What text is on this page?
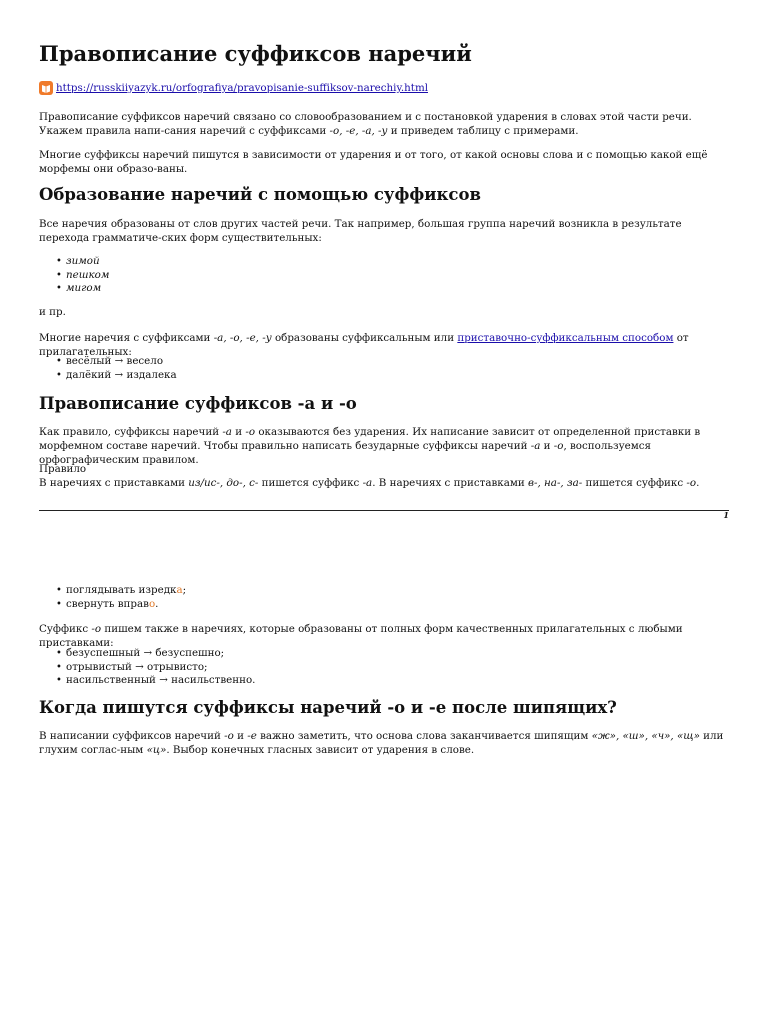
Правописание суффиксов наречий
https://russkiiyazyk.ru/orfografiya/pravopisanie-suffiksov-narechiy.html

Правописание суффиксов наречий связано со словообразованием и с постановкой ударения в словах этой части речи. Укажем правила напи-сания наречий с суффиксами -о, -е, -а, -у и приведем таблицу с примерами.

Многие суффиксы наречий пишутся в зависимости от ударения и от того, от какой основы слова и с помощью какой ещё морфемы они образо-ваны.

Образование наречий с помощью суффиксов

Все наречия образованы от слов других частей речи. Так например, большая группа наречий возникла в результате перехода грамматиче-ских форм существительных:

• зимой
• пешком
• мигом

и пр.

Многие наречия с суффиксами -а, -о, -е, -у образованы суффиксальным или приставочно-суффиксальным способом от прилагательных:

• весёлый → весело
• далёкий → издалека
Правописание суффиксов -а и -о

Как правило, суффиксы наречий -а и -о оказываются без ударения. Их написание зависит от определенной приставки в морфемном составе наречий. Чтобы правильно написать безударные суффиксы наречий -а и -о, воспользуемся орфографическим правилом.

Правило

В наречиях с приставками из/ис-, до-, с- пишется суффикс -а. В наречиях с приставками в-, на-, за- пишется суффикс -о.

1
• поглядывать изредка;
• свернуть вправо.

Суффикс -о пишем также в наречиях, которые образованы от полных форм качественных прилагательных с любыми приставками:

• безуспешный → безуспешно;
• отрывистый → отрывисто;
• насильственный → насильственно.
Когда пишутся суффиксы наречий -о и -е после шипящих?

В написании суффиксов наречий -о и -е важно заметить, что основа слова заканчивается шипящим «ж», «ш», «ч», «щ» или глухим соглас-ным «ц». Выбор конечных гласных зависит от ударения в слове.
